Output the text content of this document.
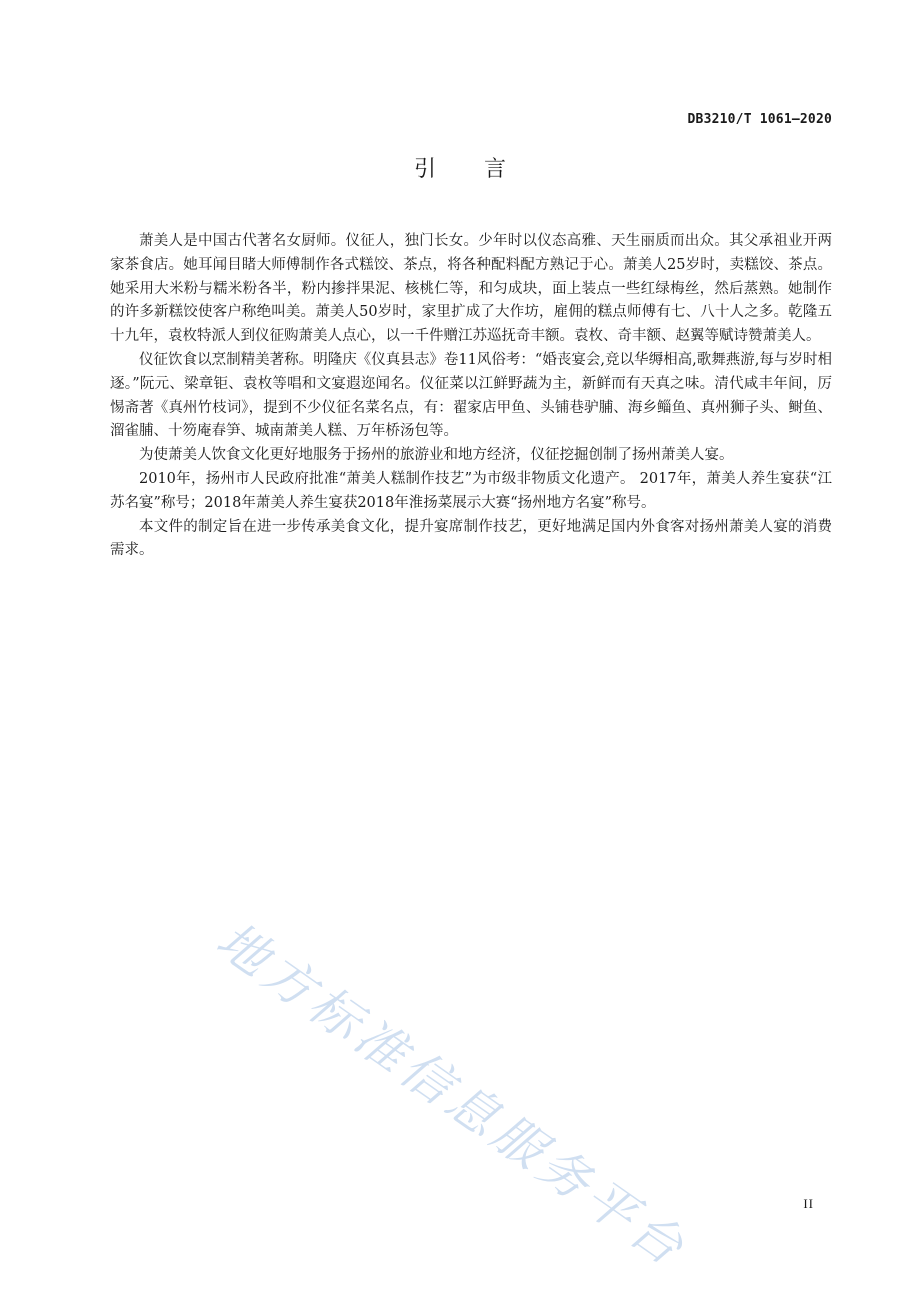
DB3210/T 1061—2020
引言

萧美人是中国古代著名女厨师。仪征人，独门长女。少年时以仪态高雅、天生丽质而出众。其父承祖业开两家茶食店。她耳闻目睹大师傅制作各式糕饺、茶点，将各种配料配方熟记于心。萧美人25岁时，卖糕饺、茶点。她采用大米粉与糯米粉各半，粉内掺拌果泥、核桃仁等，和匀成块，面上装点一些红绿梅丝，然后蒸熟。她制作的许多新糕饺使客户称绝叫美。萧美人50岁时，家里扩成了大作坊，雇佣的糕点师傅有七、八十人之多。乾隆五十九年，袁枚特派人到仪征购萧美人点心，以一千件赠江苏巡抚奇丰额。袁枚、奇丰额、赵翼等赋诗赞萧美人。

仪征饮食以烹制精美著称。明隆庆《仪真县志》卷11风俗考：“婚丧宴会,竞以华缛相高,歌舞燕游,每与岁时相逐。”阮元、梁章钜、袁枚等唱和文宴遐迩闻名。仪征菜以江鲜野蔬为主，新鲜而有天真之味。清代咸丰年间，厉惕斋著《真州竹枝词》，提到不少仪征名菜名点，有：翟家店甲鱼、头铺巷驴脯、海乡鲻鱼、真州狮子头、鲥鱼、溜雀脯、十笏庵春笋、城南萧美人糕、万年桥汤包等。

为使萧美人饮食文化更好地服务于扬州的旅游业和地方经济，仪征挖掘创制了扬州萧美人宴。

2010年，扬州市人民政府批准“萧美人糕制作技艺”为市级非物质文化遗产。 2017年，萧美人养生宴获“江苏名宴”称号；2018年萧美人养生宴获2018年淮扬菜展示大赛“扬州地方名宴”称号。

本文件的制定旨在进一步传承美食文化，提升宴席制作技艺，更好地满足国内外食客对扬州萧美人宴的消费需求。

地方标准信息服务平台	II
